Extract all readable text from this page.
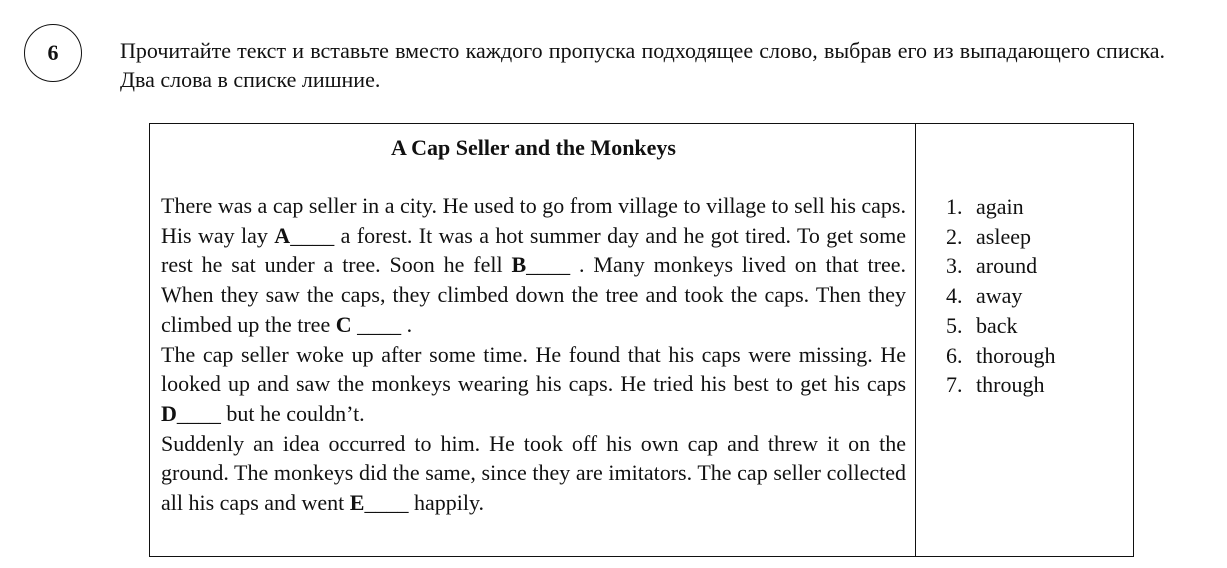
6	Прочитайте текст и вставьте вместо каждого пропуска подходящее слово, выбрав его из выпадающего списка. Два слова в списке лишние.
A Cap Seller and the Monkeys

There was a cap seller in a city. He used to go from village to village to sell his caps. His way lay A____ a forest. It was a hot summer day and he got tired. To get some rest he sat under a tree. Soon he fell B____ . Many monkeys lived on that tree. When they saw the caps, they climbed down the tree and took the caps. Then they climbed up the tree C ____ .

The cap seller woke up after some time. He found that his caps were missing. He looked up and saw the monkeys wearing his caps. He tried his best to get his caps D____ but he couldn’t.

Suddenly an idea occurred to him. He took off his own cap and threw it on the ground. The monkeys did the same, since they are imitators. The cap seller collected all his caps and went E____ happily.

1. again
2. asleep
3. around
4. away
5. back
6. thorough
7. through
